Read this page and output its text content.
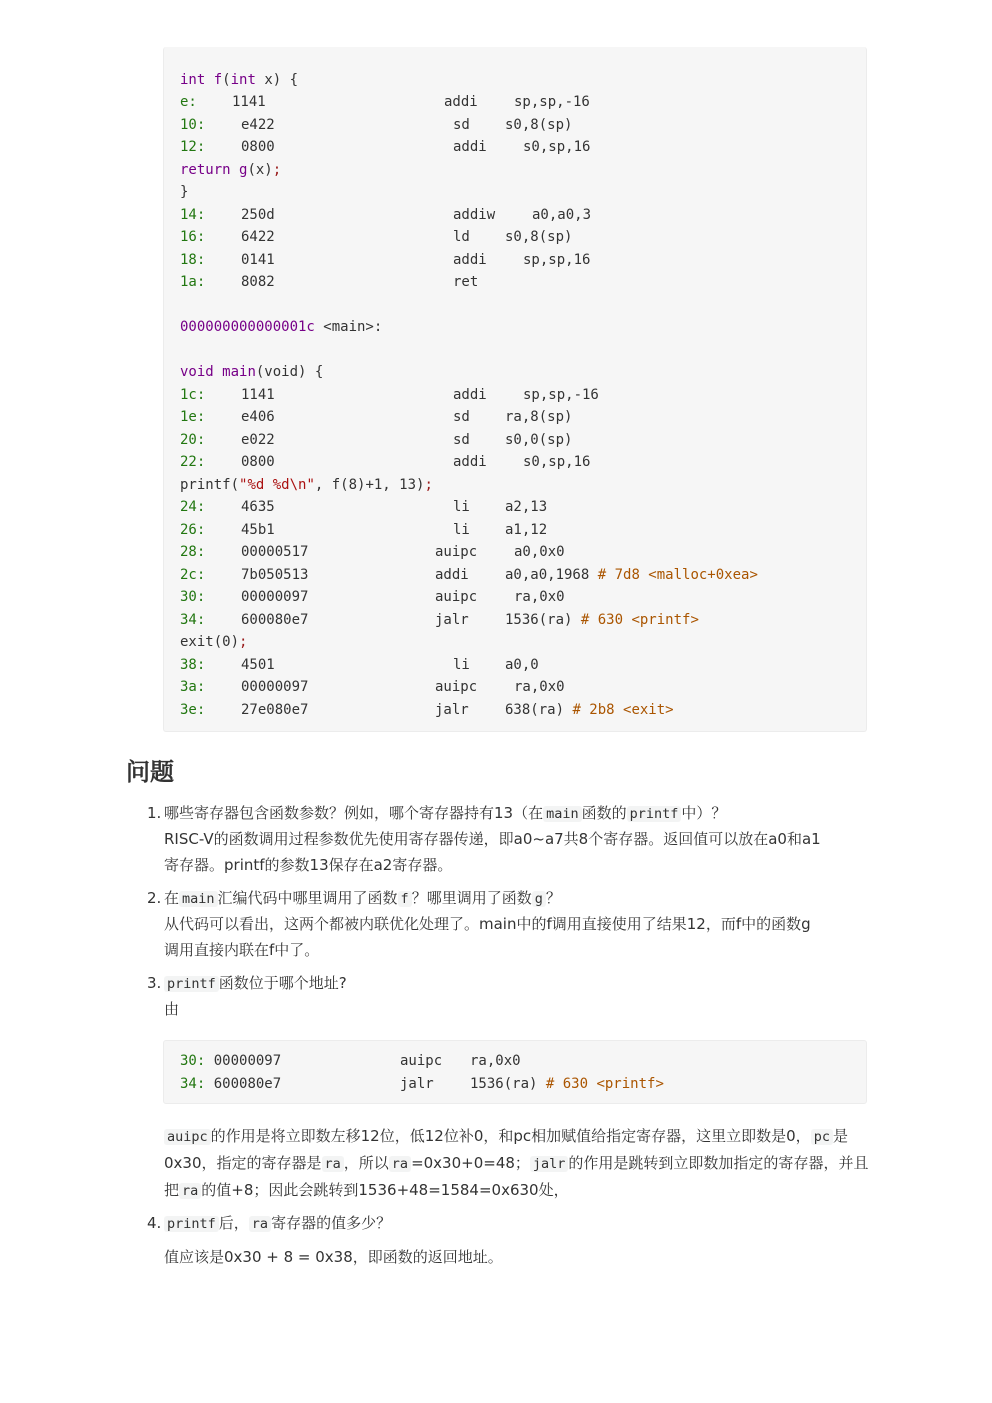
int f(int x) {
e:	1141	addi	sp,sp,-16
10:	e422	sd	s0,8(sp)
12:	0800	addi	s0,sp,16
return g(x);
}
14:	250d	addiw	a0,a0,3
16:	6422	ld	s0,8(sp)
18:	0141	addi	sp,sp,16
1a:	8082	ret
000000000000001c <main>:
void main(void) {
1c:	1141	addi	sp,sp,-16
1e:	e406	sd	ra,8(sp)
20:	e022	sd	s0,0(sp)
22:	0800	addi	s0,sp,16
printf("%d %d\n", f(8)+1, 13);
24:	4635	li	a2,13
26:	45b1	li	a1,12
28:	00000517	auipc	a0,0x0
2c:	7b050513	addi	a0,a0,1968 # 7d8 <malloc+0xea>
30:	00000097	auipc	ra,0x0
34:	600080e7	jalr	1536(ra) # 630 <printf>
exit(0);
38:	4501	li	a0,0
3a:	00000097	auipc	ra,0x0
3e:	27e080e7	jalr	638(ra) # 2b8 <exit>
问题
1. 哪些寄存器包含函数参数？例如，哪个寄存器持有13（在 main 函数的 printf 中）？
RISC-V的函数调用过程参数优先使用寄存器传递，即a0~a7共8个寄存器。返回值可以放在a0和a1
寄存器。printf的参数13保存在a2寄存器。
2. 在 main 汇编代码中哪里调用了函数 f ？哪里调用了函数 g ？
从代码可以看出，这两个都被内联优化处理了。main中的f调用直接使用了结果12，而f中的函数g
调用直接内联在f中了。
3. printf 函数位于哪个地址?
由
30: 00000097	auipc ra,0x0
34: 600080e7	jalr	1536(ra) # 630 <printf>
auipc 的作用是将立即数左移12位，低12位补0，和pc相加赋值给指定寄存器，这里立即数是0， pc 是0x30，指定的寄存器是 ra ，所以 ra =0x30+0=48； jalr 的作用是跳转到立即数加指定的寄存器，并且把 ra 的值+8；因此会跳转到1536+48=1584=0x630处，
4. printf 后， ra 寄存器的值多少？
值应该是0x30 + 8 = 0x38，即函数的返回地址。
